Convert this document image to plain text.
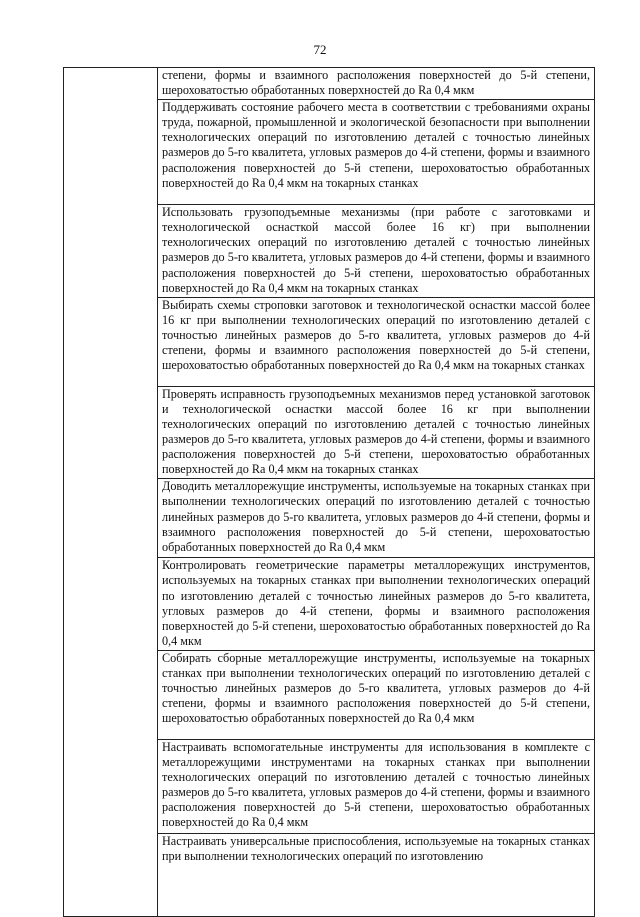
72

степени, формы и взаимного расположения поверхностей до 5-й степени, шероховатостью обработанных поверхностей до Ra 0,4 мкм

Поддерживать состояние рабочего места в соответствии с требованиями охраны труда, пожарной, промышленной и экологической безопасности при выполнении технологических операций по изготовлению деталей с точностью линейных размеров до 5-го квалитета, угловых размеров до 4-й степени, формы и взаимного расположения поверхностей до 5-й степени, шероховатостью обработанных поверхностей до Ra 0,4 мкм на токарных станках

Использовать грузоподъемные механизмы (при работе с заготовками и технологической оснасткой массой более 16 кг) при выполнении технологических операций по изготовлению деталей с точностью линейных размеров до 5-го квалитета, угловых размеров до 4-й степени, формы и взаимного расположения поверхностей до 5-й степени, шероховатостью обработанных поверхностей до Ra 0,4 мкм на токарных станках

Выбирать схемы строповки заготовок и технологической оснастки массой более 16 кг при выполнении технологических операций по изготовлению деталей с точностью линейных размеров до 5-го квалитета, угловых размеров до 4-й степени, формы и взаимного расположения поверхностей до 5-й степени, шероховатостью обработанных поверхностей до Ra 0,4 мкм на токарных станках

Проверять исправность грузоподъемных механизмов перед установкой заготовок и технологической оснастки массой более 16 кг при выполнении технологических операций по изготовлению деталей с точностью линейных размеров до 5-го квалитета, угловых размеров до 4-й степени, формы и взаимного расположения поверхностей до 5-й степени, шероховатостью обработанных поверхностей до Ra 0,4 мкм на токарных станках

Доводить металлорежущие инструменты, используемые на токарных станках при выполнении технологических операций по изготовлению деталей с точностью линейных размеров до 5-го квалитета, угловых размеров до 4-й степени, формы и взаимного расположения поверхностей до 5-й степени, шероховатостью обработанных поверхностей до Ra 0,4 мкм

Контролировать геометрические параметры металлорежущих инструментов, используемых на токарных станках при выполнении технологических операций по изготовлению деталей с точностью линейных размеров до 5-го квалитета, угловых размеров до 4-й степени, формы и взаимного расположения поверхностей до 5-й степени, шероховатостью обработанных поверхностей до Ra 0,4 мкм

Собирать сборные металлорежущие инструменты, используемые на токарных станках при выполнении технологических операций по изготовлению деталей с точностью линейных размеров до 5-го квалитета, угловых размеров до 4-й степени, формы и взаимного расположения поверхностей до 5-й степени, шероховатостью обработанных поверхностей до Ra 0,4 мкм

Настраивать вспомогательные инструменты для использования в комплекте с металлорежущими инструментами на токарных станках при выполнении технологических операций по изготовлению деталей с точностью линейных размеров до 5-го квалитета, угловых размеров до 4-й степени, формы и взаимного расположения поверхностей до 5-й степени, шероховатостью обработанных поверхностей до Ra 0,4 мкм

Настраивать универсальные приспособления, используемые на токарных станках при выполнении технологических операций по изготовлению
